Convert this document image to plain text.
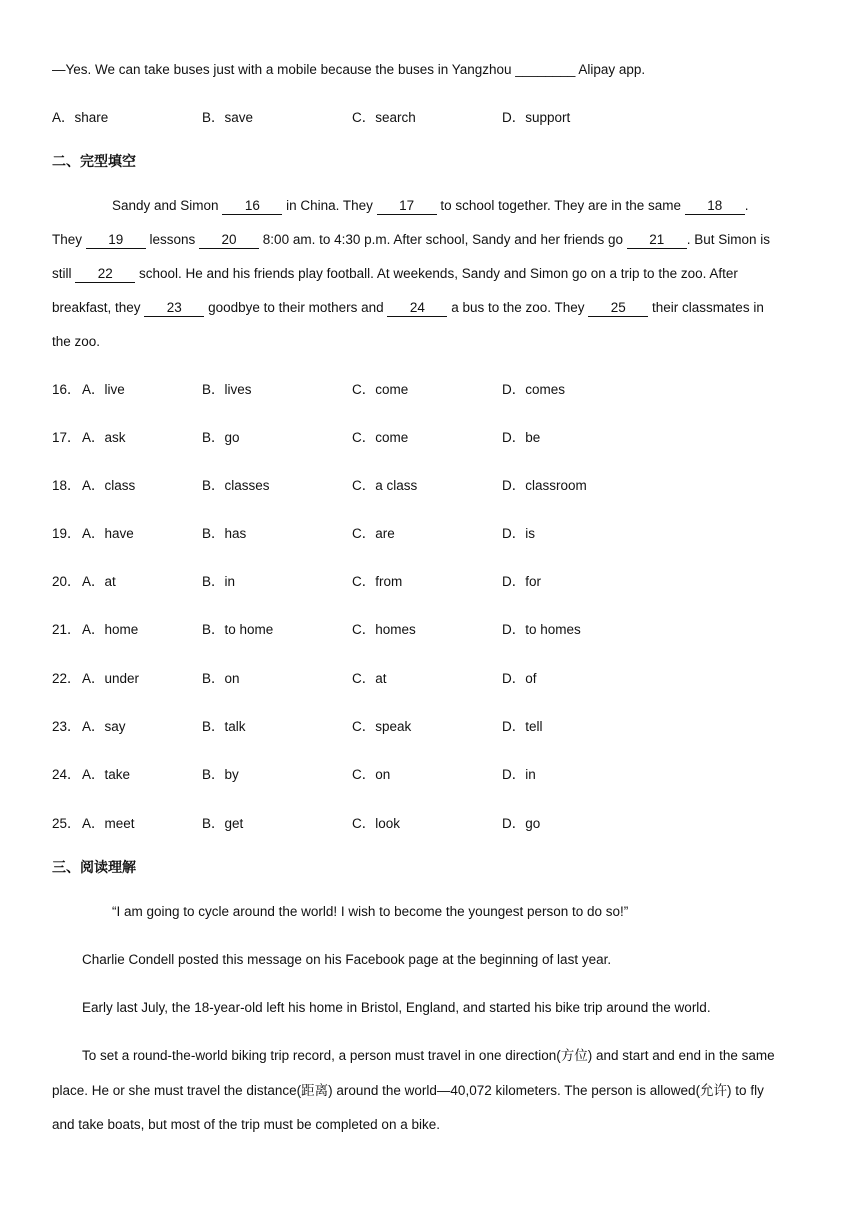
—Yes. We can take buses just with a mobile because the buses in Yangzhou ________ Alipay app.
A．share	B．save	C．search	D．support
二、完型填空
Sandy and Simon 16 in China. They 17 to school together. They are in the same 18 .
They 19 lessons 20 8:00 am. to 4:30 p.m. After school, Sandy and her friends go 21 . But Simon is
still 22 school. He and his friends play football. At weekends, Sandy and Simon go on a trip to the zoo. After
breakfast, they 23 goodbye to their mothers and 24 a bus to the zoo. They 25 their classmates in
the zoo.
16． A．live	B．lives	C．come	D．comes
17． A．ask	B．go	C．come	D．be
18． A．class	B．classes	C．a class	D．classroom
19． A．have	B．has	C．are	D．is
20． A．at	B．in	C．from	D．for
21． A．home	B．to home	C．homes	D．to homes
22． A．under	B．on	C．at	D．of
23． A．say	B．talk	C．speak	D．tell
24． A．take	B．by	C．on	D．in
25． A．meet	B．get	C．look	D．go
三、阅读理解
“I am going to cycle around the world! I wish to become the youngest person to do so!”
Charlie Condell posted this message on his Facebook page at the beginning of last year.
Early last July, the 18-year-old left his home in Bristol, England, and started his bike trip around the world.
To set a round-the-world biking trip record, a person must travel in one direction(方位) and start and end in the same
place. He or she must travel the distance(距离) around the world—40,072 kilometers. The person is allowed(允许) to fly
and take boats, but most of the trip must be completed on a bike.
